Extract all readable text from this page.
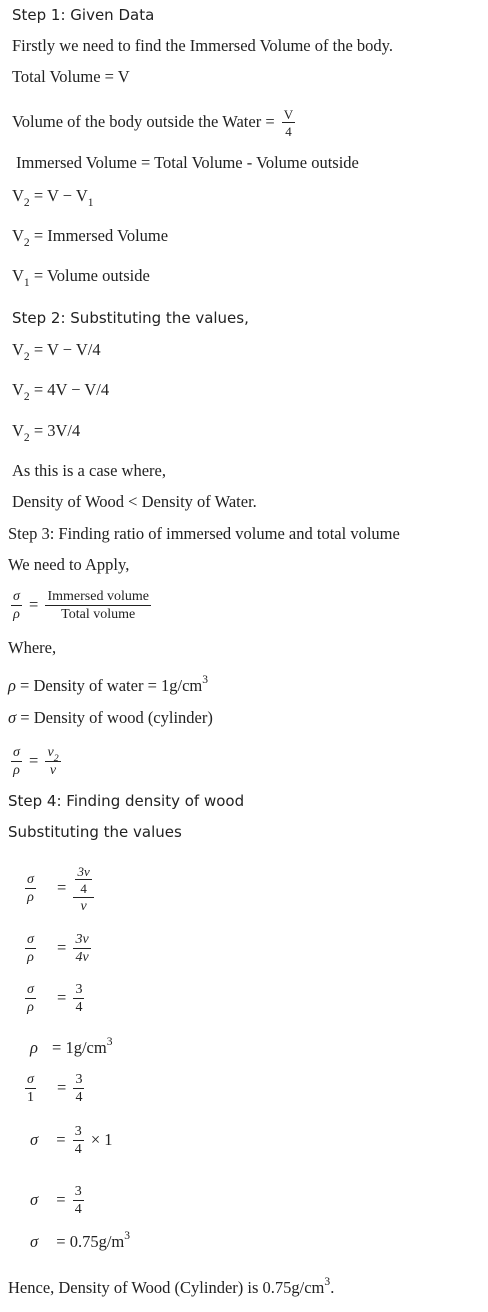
Step 1: Given Data
Firstly we need to find the Immersed Volume of the body.
Total Volume = V
Volume of the body outside the Water = $\frac{V}{4}$
Immersed Volume = Total Volume - Volume outside
$V_2 = V - V_1$
$V_2$ = Immersed Volume
$V_1$ = Volume outside
Step 2: Substituting the values,
$V_2 = V - V/4$
$V_2 = 4V - V/4$
$V_2 = 3V/4$
As this is a case where,
Density of Wood < Density of Water.
Step 3: Finding ratio of immersed volume and total volume
We need to Apply,
$\frac{\sigma}{\rho} = \frac{\text{Immersed volume}}{\text{Total volume}}$
Where,
ρ = Density of water = $1g/cm^3$
σ = Density of wood (cylinder)
$\frac{\sigma}{\rho} = \frac{v_2}{v}$
Step 4: Finding density of wood
Substituting the values
$\frac{\sigma}{\rho} = \frac{\frac{3v}{4}}{v}$
$\frac{\sigma}{\rho} = \frac{3v}{4v}$
$\frac{\sigma}{\rho} = \frac{3}{4}$
$\rho = 1g/cm^3$
$\frac{\sigma}{1} = \frac{3}{4}$
$\sigma = \frac{3}{4} \times 1$
$\sigma = \frac{3}{4}$
$\sigma = 0.75g/m^3$
Hence, Density of Wood (Cylinder) is $0.75g/cm^3$.
